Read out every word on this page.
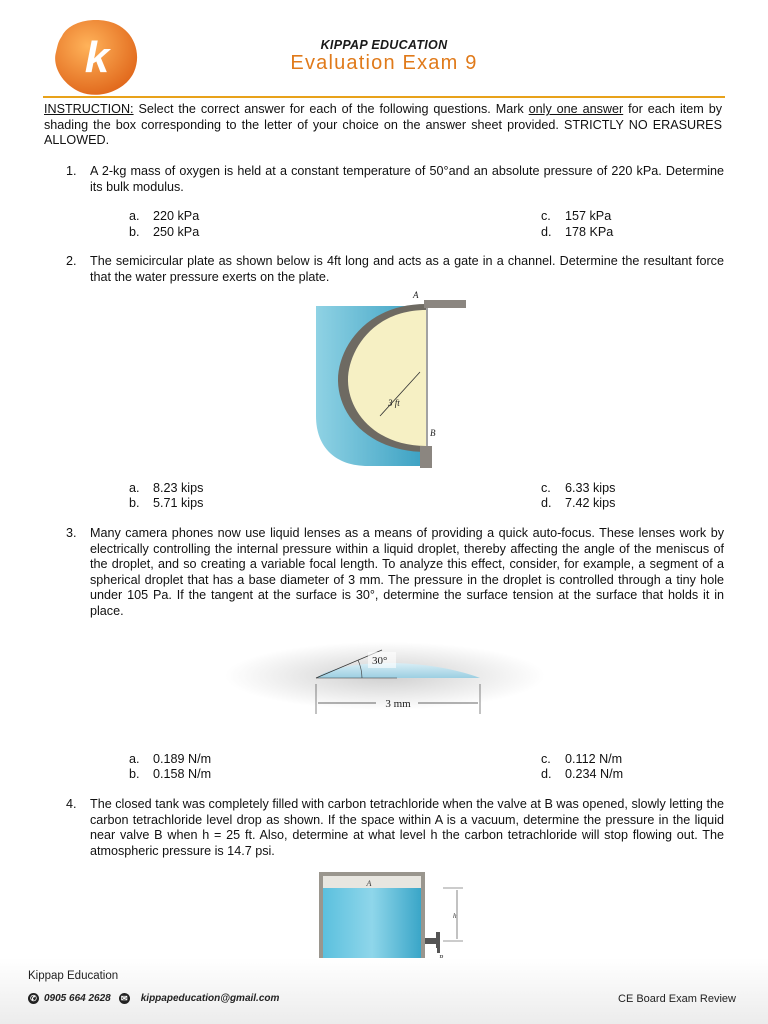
k	KIPPAP EDUCATION
Evaluation Exam 9
INSTRUCTION: Select the correct answer for each of the following questions. Mark only one answer for each item by shading the box corresponding to the letter of your choice on the answer sheet provided. STRICTLY NO ERASURES ALLOWED.
1. A 2-kg mass of oxygen is held at a constant temperature of 50°and an absolute pressure of 220 kPa. Determine its bulk modulus.
a. 220 kPa
b. 250 kPa
c. 157 kPa
d. 178 KPa
2. The semicircular plate as shown below is 4ft long and acts as a gate in a channel. Determine the resultant force that the water pressure exerts on the plate.
3 ft
A
B
a. 8.23 kips
b. 5.71 kips
c. 6.33 kips
d. 7.42 kips
3. Many camera phones now use liquid lenses as a means of providing a quick auto-focus. These lenses work by electrically controlling the internal pressure within a liquid droplet, thereby affecting the angle of the meniscus of the droplet, and so creating a variable focal length. To analyze this effect, consider, for example, a segment of a spherical droplet that has a base diameter of 3 mm. The pressure in the droplet is controlled through a tiny hole under 105 Pa. If the tangent at the surface is 30°, determine the surface tension at the surface that holds it in place.
30°
3 mm
a. 0.189 N/m
b. 0.158 N/m
c. 0.112 N/m
d. 0.234 N/m
4. The closed tank was completely filled with carbon tetrachloride when the valve at B was opened, slowly letting the carbon tetrachloride level drop as shown. If the space within A is a vacuum, determine the pressure in the liquid near valve B when h = 25 ft. Also, determine at what level h the carbon tetrachloride will stop flowing out. The atmospheric pressure is 14.7 psi.
A
h
Kippap Education
✆ 0905 664 2628 ✉ kippapeducation@gmail.com	CE Board Exam Review
